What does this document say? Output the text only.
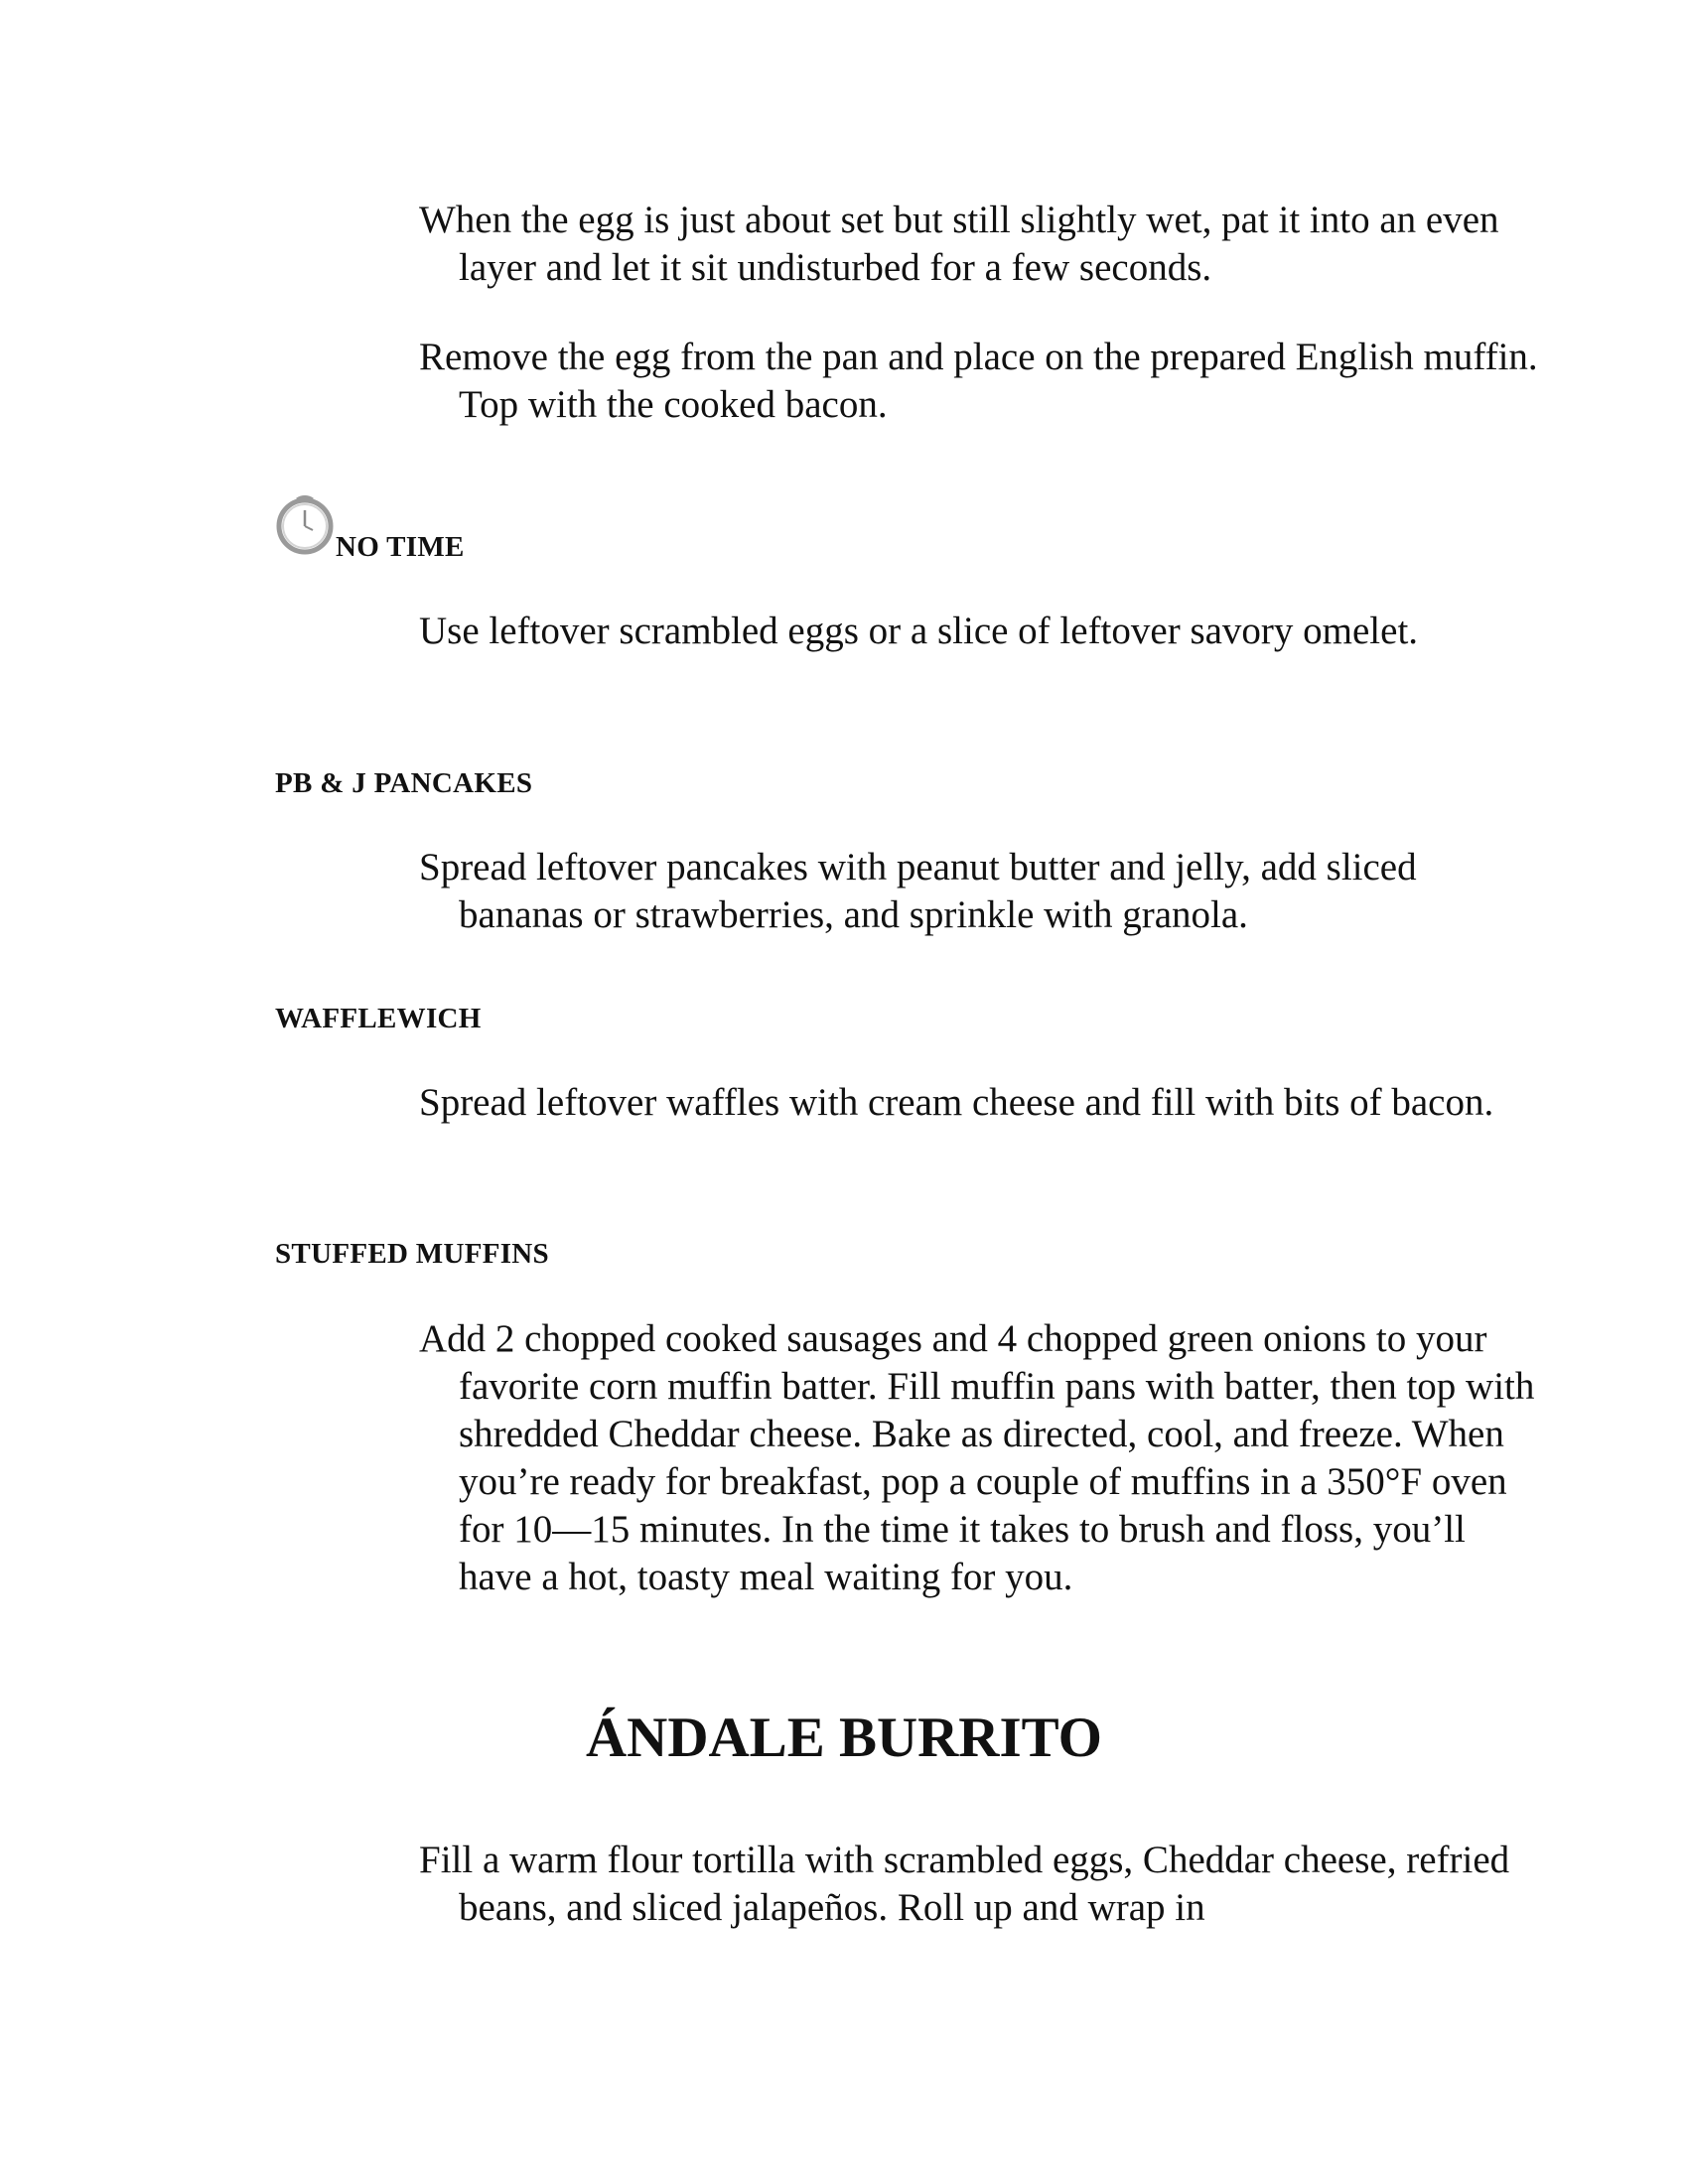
When the egg is just about set but still slightly wet, pat it into an even layer and let it sit undisturbed for a few seconds.

Remove the egg from the pan and place on the prepared English muffin. Top with the cooked bacon.

NO TIME

Use leftover scrambled eggs or a slice of leftover savory omelet.

PB & J PANCAKES

Spread leftover pancakes with peanut butter and jelly, add sliced bananas or strawberries, and sprinkle with granola.

WAFFLEWICH

Spread leftover waffles with cream cheese and fill with bits of bacon.

STUFFED MUFFINS

Add 2 chopped cooked sausages and 4 chopped green onions to your favorite corn muffin batter. Fill muffin pans with batter, then top with shredded Cheddar cheese. Bake as directed, cool, and freeze. When you’re ready for breakfast, pop a couple of muffins in a 350°F oven for 10—15 minutes. In the time it takes to brush and floss, you’ll have a hot, toasty meal waiting for you.

ÁNDALE BURRITO

Fill a warm flour tortilla with scrambled eggs, Cheddar cheese, refried beans, and sliced jalapeños. Roll up and wrap in
